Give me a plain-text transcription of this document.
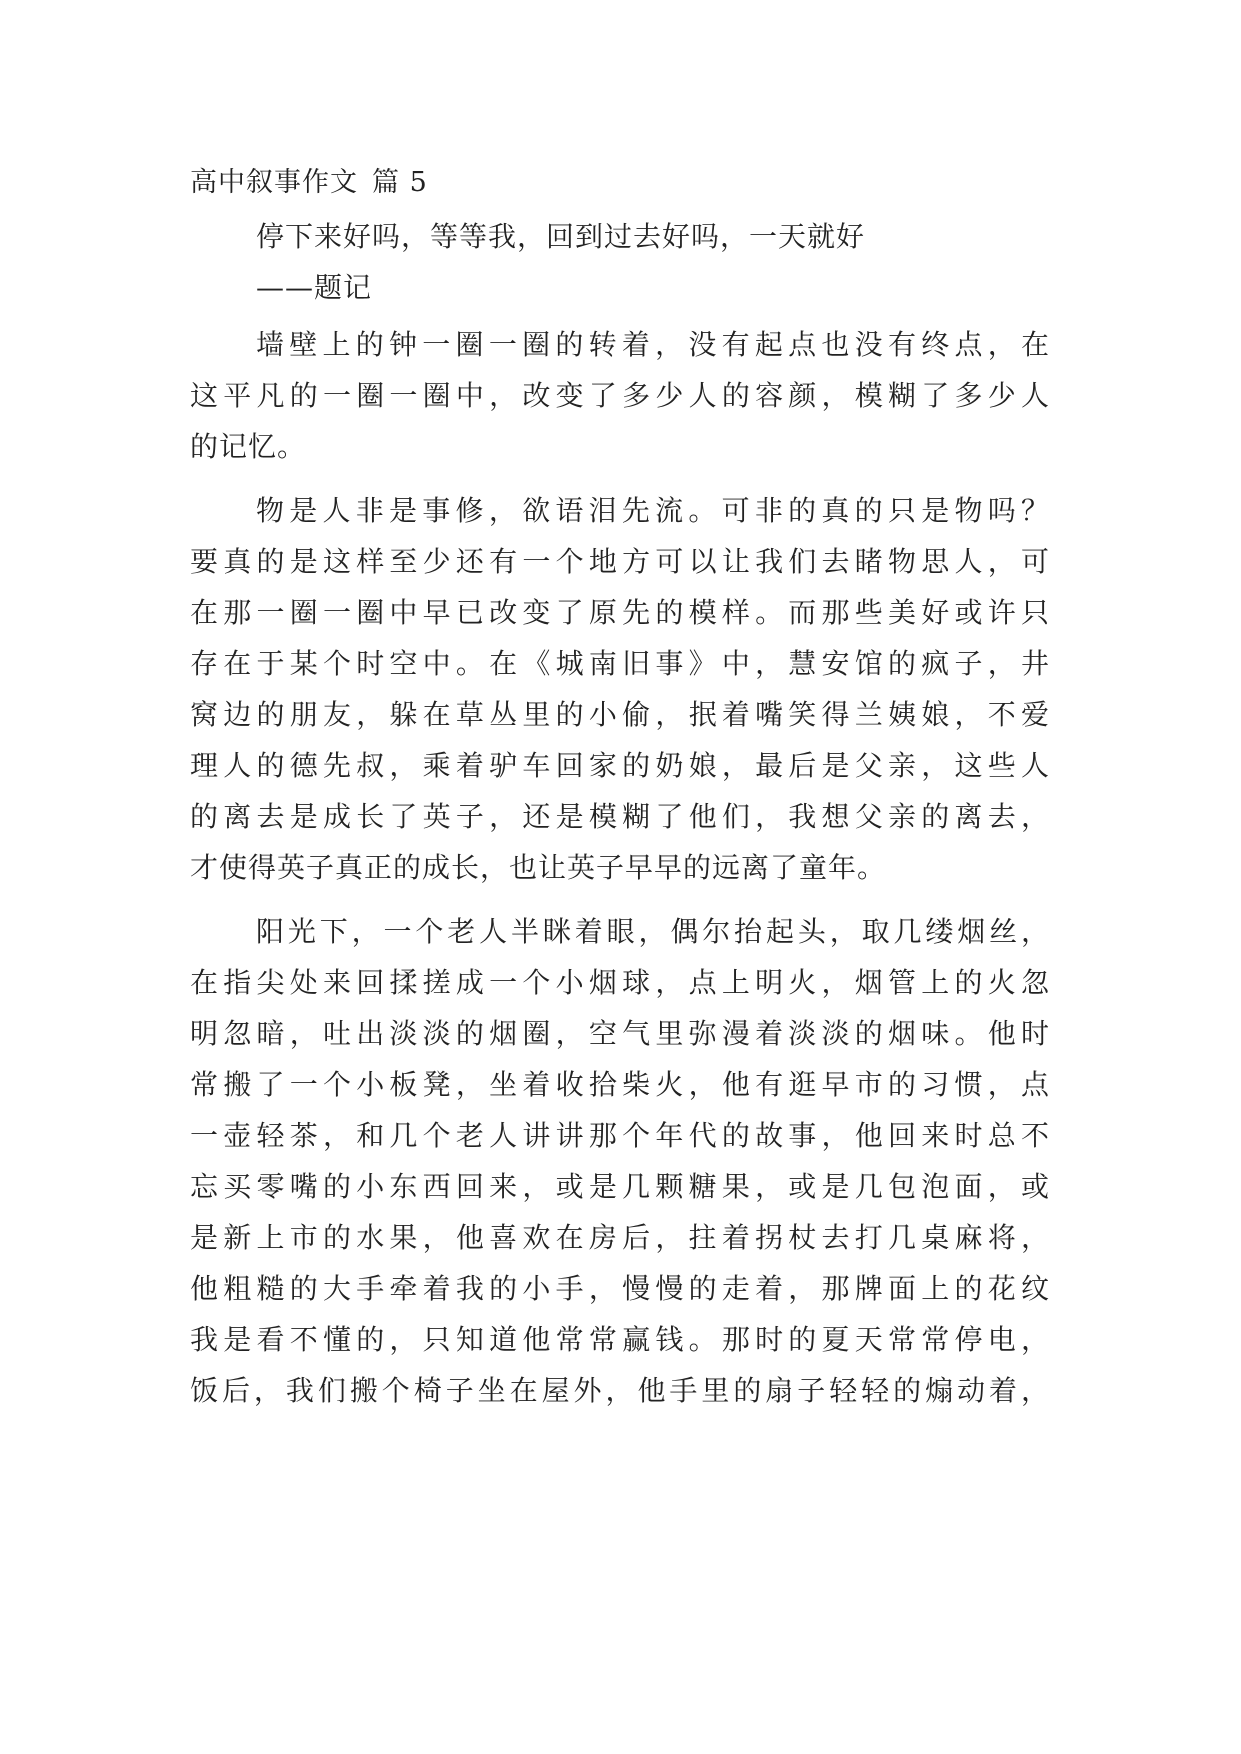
高中叙事作文 篇 5
停下来好吗，等等我，回到过去好吗，一天就好
——题记
墙壁上的钟一圈一圈的转着，没有起点也没有终点，在
这平凡的一圈一圈中，改变了多少人的容颜，模糊了多少人
的记忆。
物是人非是事修，欲语泪先流。可非的真的只是物吗？
要真的是这样至少还有一个地方可以让我们去睹物思人，可
在那一圈一圈中早已改变了原先的模样。而那些美好或许只
存在于某个时空中。在《城南旧事》中，慧安馆的疯子，井
窝边的朋友，躲在草丛里的小偷，抿着嘴笑得兰姨娘，不爱
理人的德先叔，乘着驴车回家的奶娘，最后是父亲，这些人
的离去是成长了英子，还是模糊了他们，我想父亲的离去，
才使得英子真正的成长，也让英子早早的远离了童年。
阳光下，一个老人半眯着眼，偶尔抬起头，取几缕烟丝，
在指尖处来回揉搓成一个小烟球，点上明火，烟管上的火忽
明忽暗，吐出淡淡的烟圈，空气里弥漫着淡淡的烟味。他时
常搬了一个小板凳，坐着收拾柴火，他有逛早市的习惯，点
一壶轻茶，和几个老人讲讲那个年代的故事，他回来时总不
忘买零嘴的小东西回来，或是几颗糖果，或是几包泡面，或
是新上市的水果，他喜欢在房后，拄着拐杖去打几桌麻将，
他粗糙的大手牵着我的小手，慢慢的走着，那牌面上的花纹
我是看不懂的，只知道他常常赢钱。那时的夏天常常停电，
饭后，我们搬个椅子坐在屋外，他手里的扇子轻轻的煽动着，
